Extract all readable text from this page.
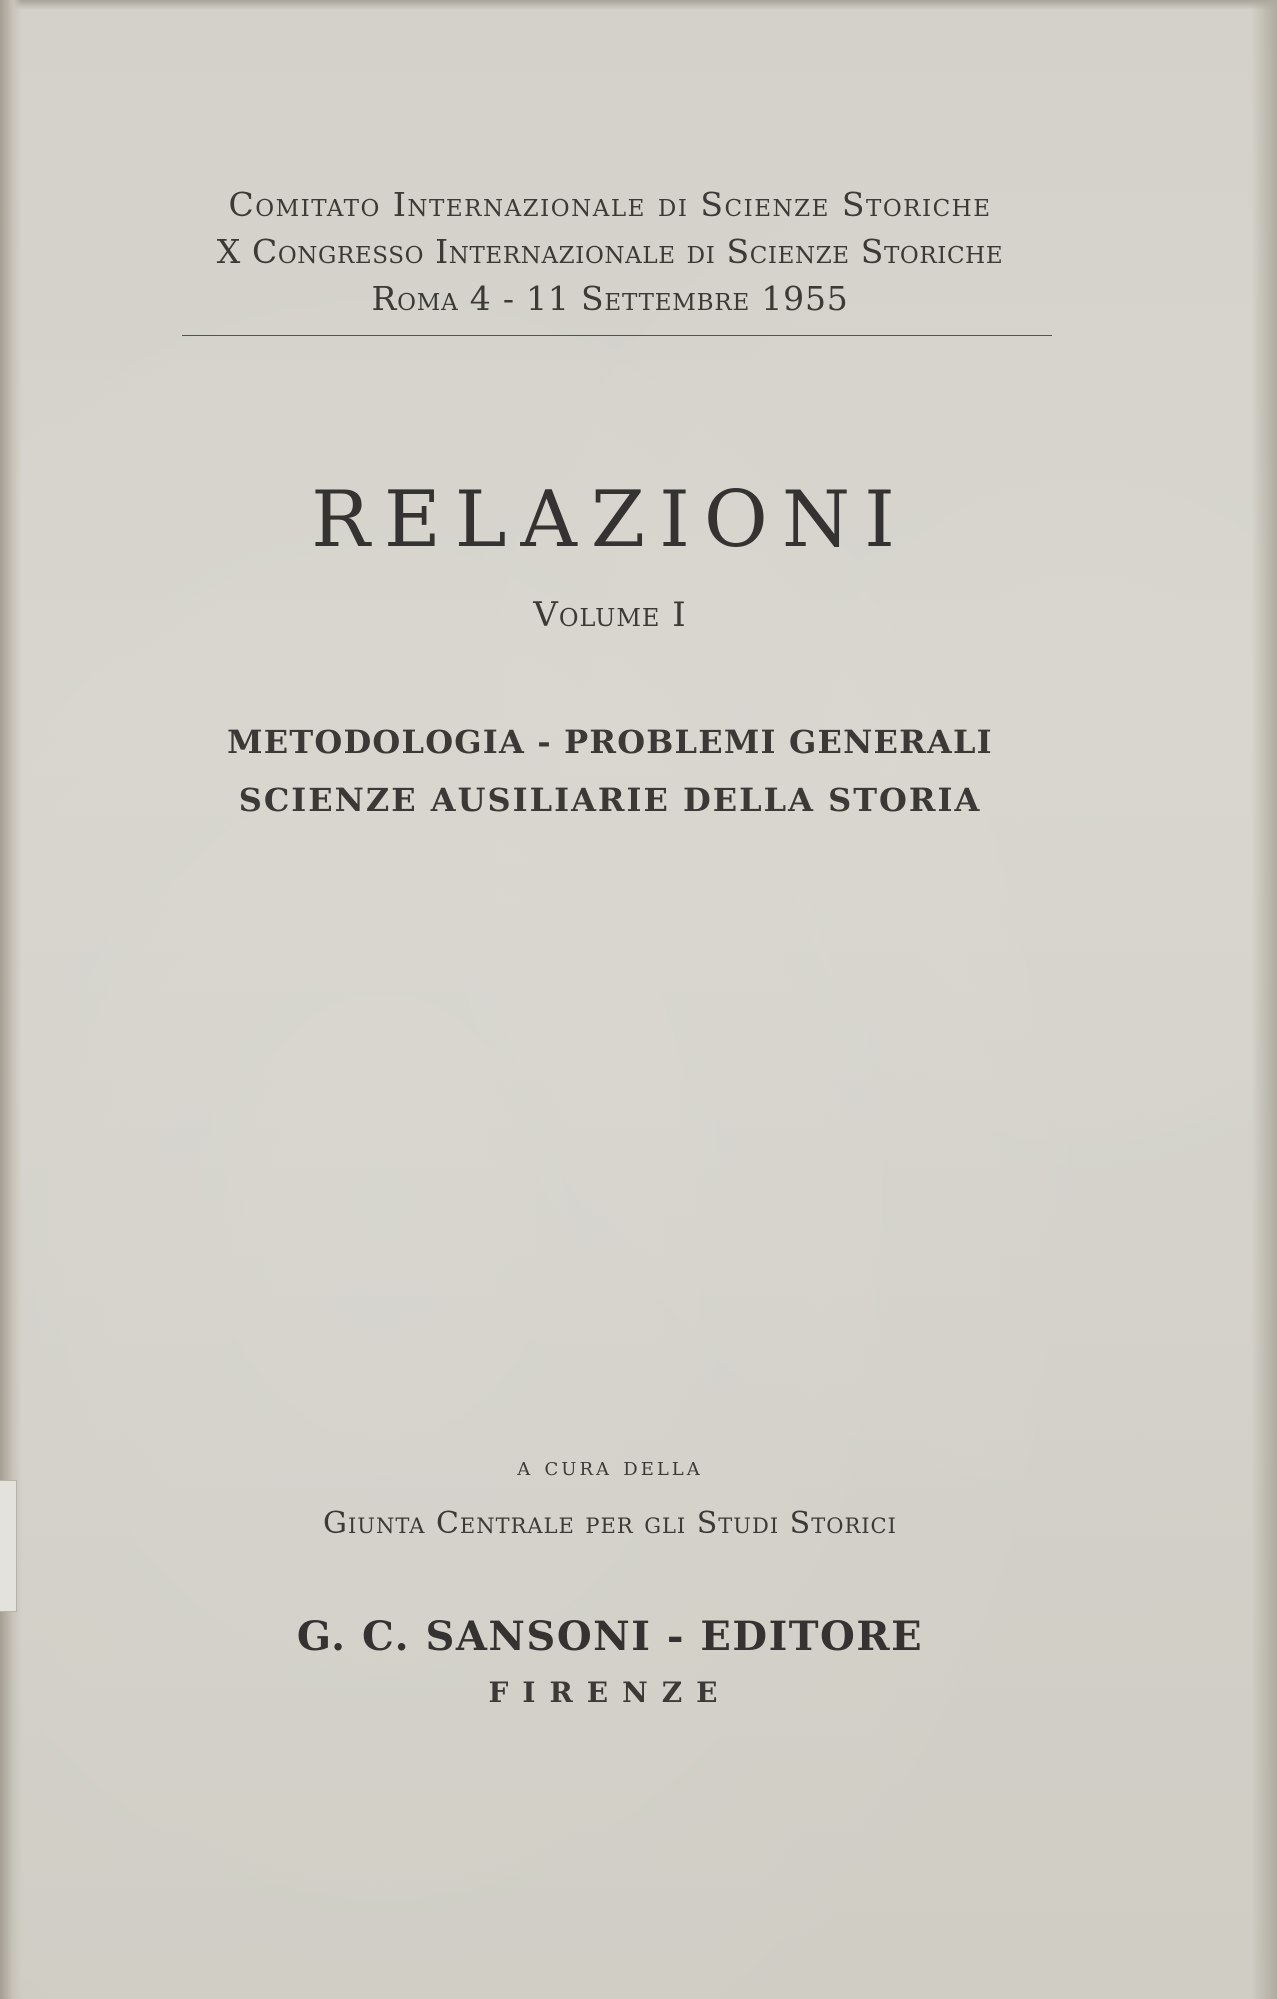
Comitato Internazionale di Scienze Storiche
X Congresso Internazionale di Scienze Storiche
Roma 4 - 11 Settembre 1955
RELAZIONI
Volume I
METODOLOGIA - PROBLEMI GENERALI
SCIENZE AUSILIARIE DELLA STORIA
a cura della
Giunta Centrale per gli Studi Storici
G. C. SANSONI - EDITORE
FIRENZE
